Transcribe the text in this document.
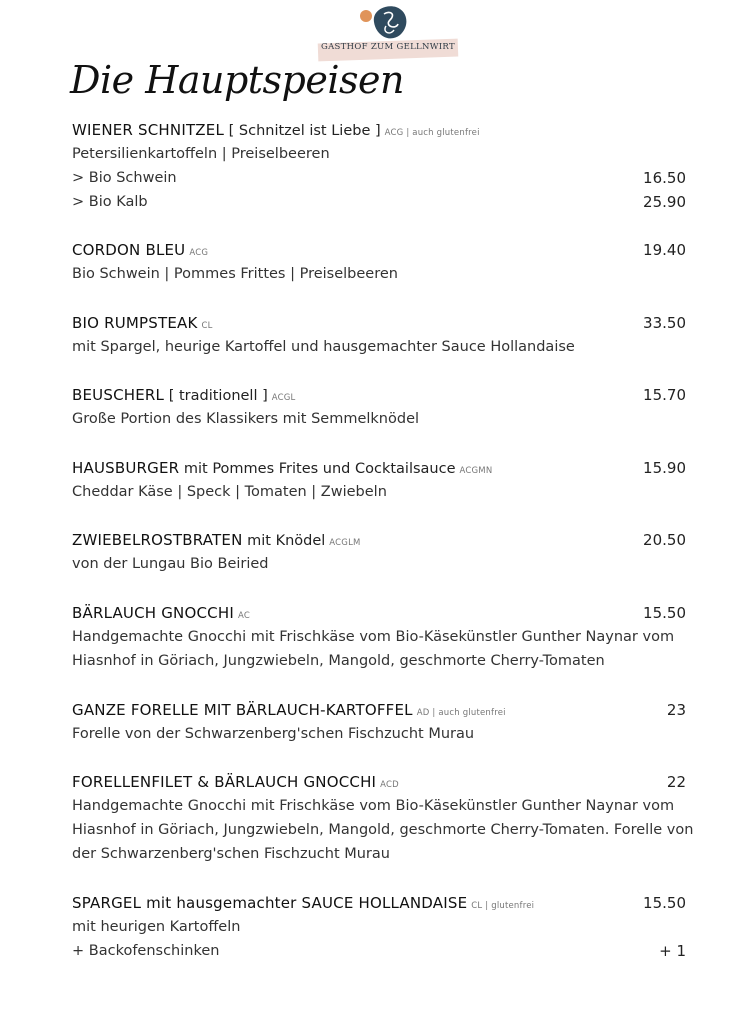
GASTHOF ZUM GELLNWIRT
Die Hauptspeisen
WIENER SCHNITZEL [ Schnitzel ist Liebe ] ACG | auch glutenfrei
Petersilienkartoffeln | Preiselbeeren
> Bio Schwein	16.50
> Bio Kalb	25.90
CORDON BLEU ACG	19.40
Bio Schwein | Pommes Frittes | Preiselbeeren
BIO RUMPSTEAK CL	33.50
mit Spargel, heurige Kartoffel und hausgemachter Sauce Hollandaise
BEUSCHERL [ traditionell ] ACGL	15.70
Große Portion des Klassikers mit Semmelknödel
HAUSBURGER mit Pommes Frites und Cocktailsauce ACGMN	15.90
Cheddar Käse | Speck | Tomaten | Zwiebeln
ZWIEBELROSTBRATEN mit Knödel ACGLM	20.50
von der Lungau Bio Beiried
BÄRLAUCH GNOCCHI AC	15.50
Handgemachte Gnocchi mit Frischkäse vom Bio-Käsekünstler Gunther Naynar vom
Hiasnhof in Göriach, Jungzwiebeln, Mangold, geschmorte Cherry-Tomaten
GANZE FORELLE MIT BÄRLAUCH-KARTOFFEL AD | auch glutenfrei	23
Forelle von der Schwarzenberg'schen Fischzucht Murau
FORELLENFILET & BÄRLAUCH GNOCCHI ACD	22
Handgemachte Gnocchi mit Frischkäse vom Bio-Käsekünstler Gunther Naynar vom
Hiasnhof in Göriach, Jungzwiebeln, Mangold, geschmorte Cherry-Tomaten. Forelle von
der Schwarzenberg'schen Fischzucht Murau
SPARGEL mit hausgemachter SAUCE HOLLANDAISE CL | glutenfrei	15.50
mit heurigen Kartoffeln
+ Backofenschinken	+ 1
